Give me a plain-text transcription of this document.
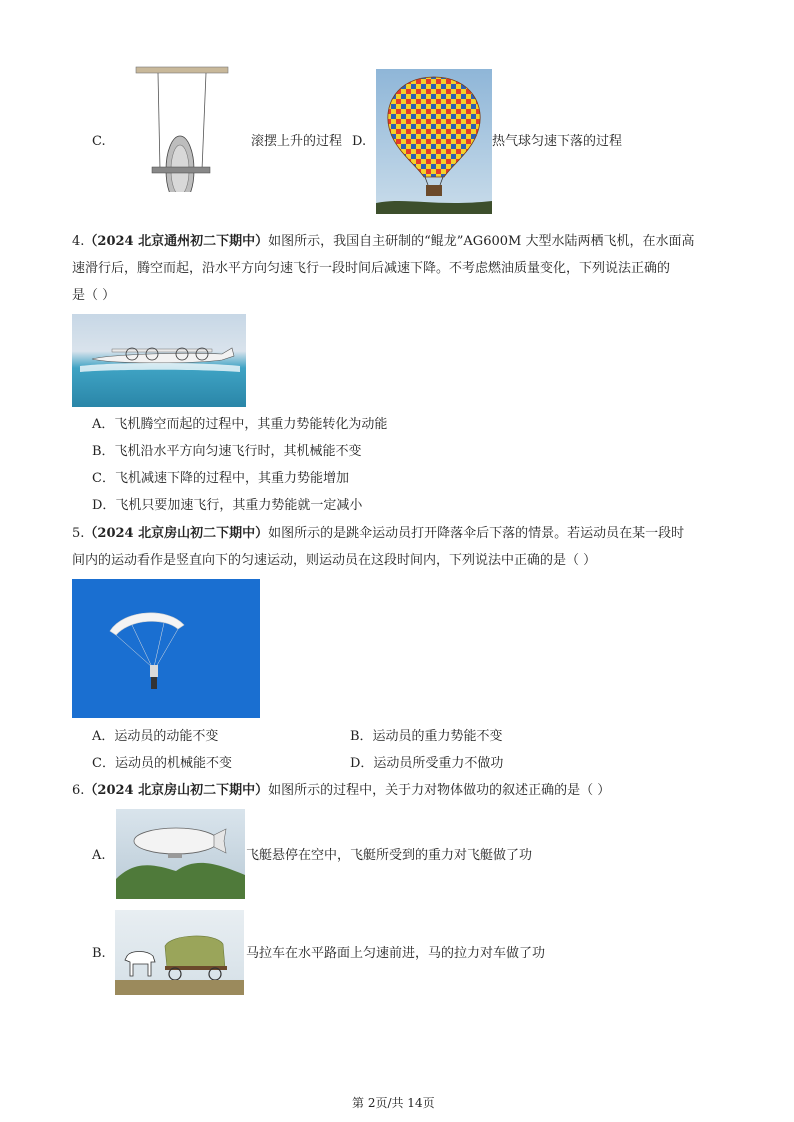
C.	滚摆上升的过程 D.	热气球匀速下落的过程
4.（2024 北京通州初二下期中）如图所示，我国自主研制的“鲲龙”AG600M 大型水陆两栖飞机，在水面高
速滑行后，腾空而起，沿水平方向匀速飞行一段时间后减速下降。不考虑燃油质量变化，下列说法正确的
是（ ）
A．飞机腾空而起的过程中，其重力势能转化为动能
B．飞机沿水平方向匀速飞行时，其机械能不变
C．飞机减速下降的过程中，其重力势能增加
D．飞机只要加速飞行，其重力势能就一定减小
5.（2024 北京房山初二下期中）如图所示的是跳伞运动员打开降落伞后下落的情景。若运动员在某一段时
间内的运动看作是竖直向下的匀速运动，则运动员在这段时间内，下列说法中正确的是（ ）
A．运动员的动能不变	B．运动员的重力势能不变
C．运动员的机械能不变	D．运动员所受重力不做功
6.（2024 北京房山初二下期中）如图所示的过程中，关于力对物体做功的叙述正确的是（ ）
A.	飞艇悬停在空中，飞艇所受到的重力对飞艇做了功
B.	马拉车在水平路面上匀速前进，马的拉力对车做了功
第 2页/共 14页
